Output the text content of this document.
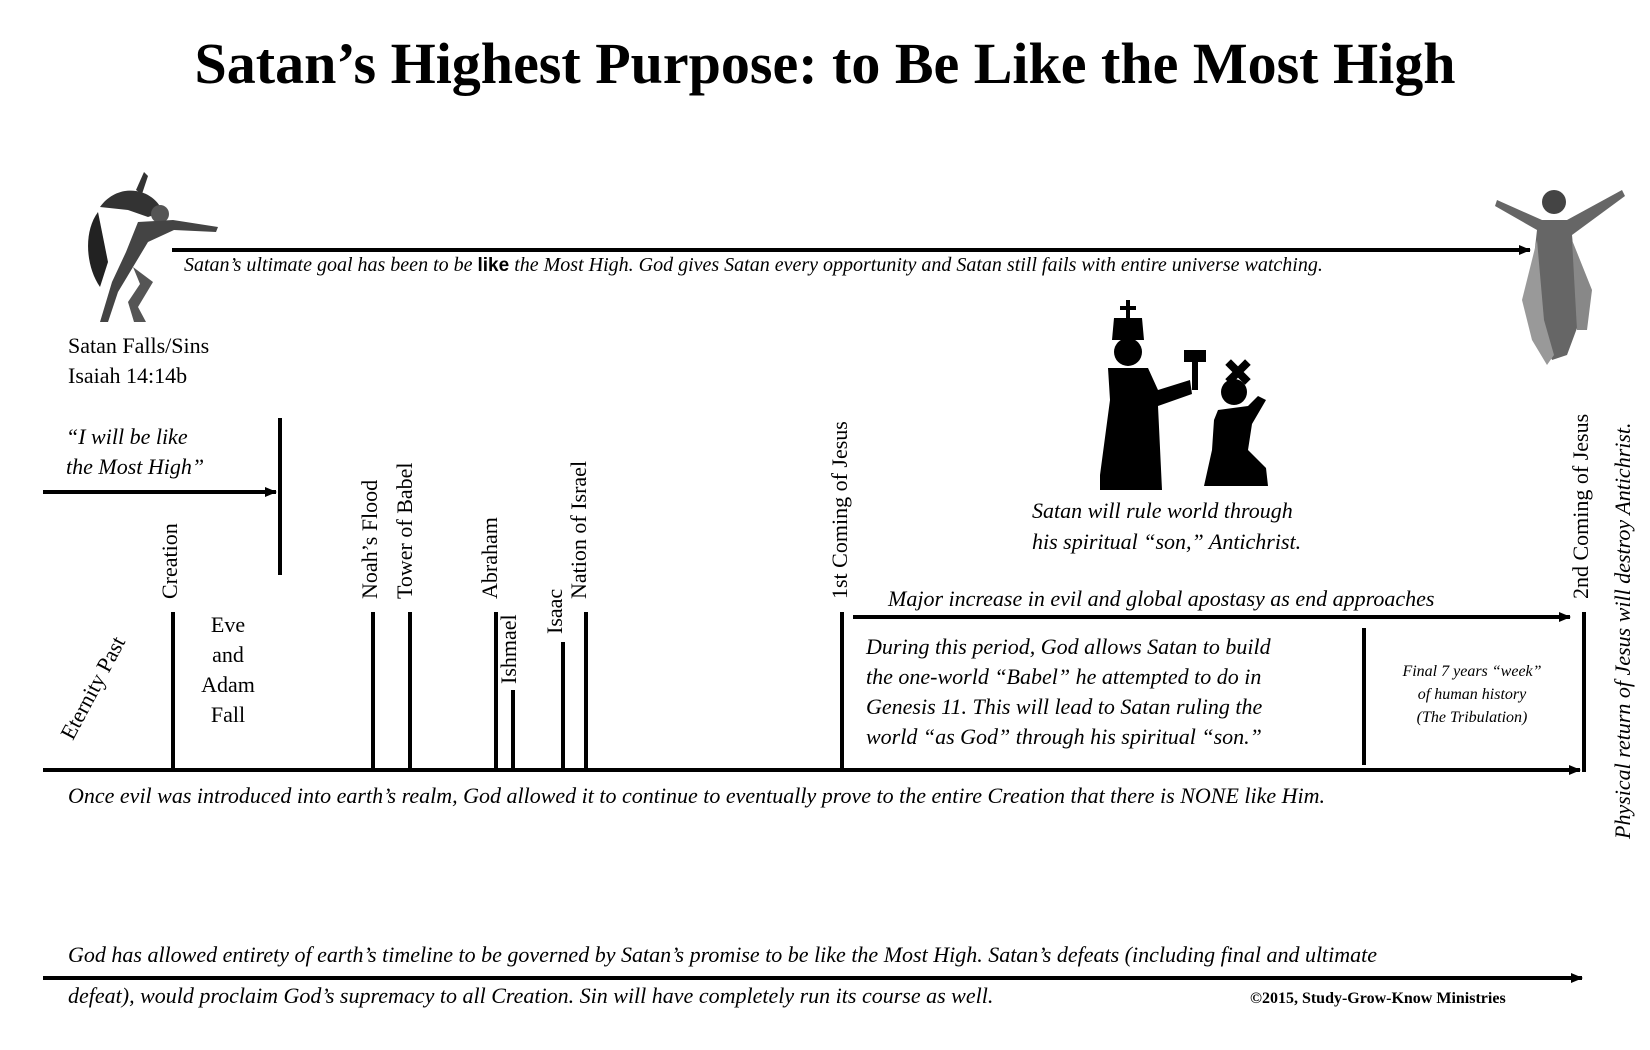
Satan’s Highest Purpose: to Be Like the Most High
Satan’s ultimate goal has been to be like the Most High. God gives Satan every opportunity and Satan still fails with entire universe watching.
Satan Falls/Sins
Isaiah 14:14b
“I will be like
the Most High”
Eternity Past
Creation	Noah’s Flood Tower of Babel	Abraham
Ishmael
Isaac
Nation of Israel	1st Coming of Jesus	2nd Coming of Jesus
Eve
and
Adam
Fall
Satan will rule world through
his spiritual “son,” Antichrist.
Major increase in evil and global apostasy as end approaches
During this period, God allows Satan to build
the one-world “Babel” he attempted to do in
Genesis 11. This will lead to Satan ruling the
world “as God” through his spiritual “son.”
Final 7 years “week”
of human history
(The Tribulation)	Physical return of Jesus will destroy Antichrist.
Once evil was introduced into earth’s realm, God allowed it to continue to eventually prove to the entire Creation that there is NONE like Him.
God has allowed entirety of earth’s timeline to be governed by Satan’s promise to be like the Most High. Satan’s defeats (including final and ultimate
defeat), would proclaim God’s supremacy to all Creation. Sin will have completely run its course as well.	©2015, Study-Grow-Know Ministries
